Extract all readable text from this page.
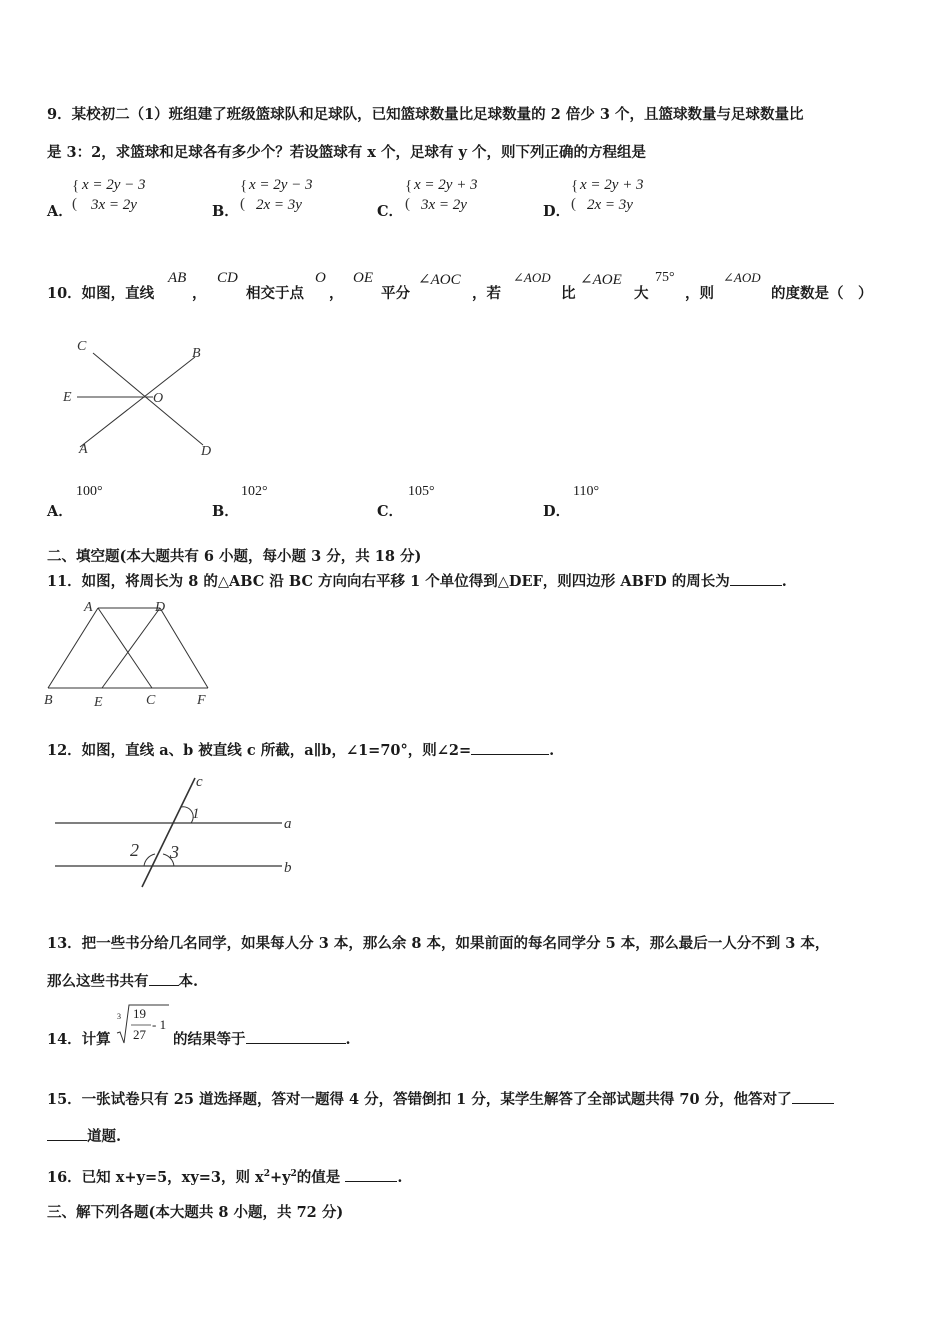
9．某校初二（1）班组建了班级篮球队和足球队，已知篮球数量比足球数量的 2 倍少 3 个，且篮球数量与足球数量比
是 3：2，求篮球和足球各有多少个？若设篮球有 x 个，足球有 y 个，则下列正确的方程组是
A．
{
(
x = 2y − 3
3x = 2y	B．
{
(
x = 2y − 3
2x = 3y	C．
{
(
x = 2y + 3
3x = 2y	D．
{
(
x = 2y + 3
2x = 3y
10．如图，直线
AB
，
CD
相交于点
O
，
OE
平分
∠AOC
，若
∠AOD
比
∠AOE
大
75°
，则
∠AOD
的度数是（　）
C	B
E	O
A	D
A．
100°
B．
102°
C．
105°
D．
110°
二、填空题(本大题共有 6 小题，每小题 3 分，共 18 分)
11．如图，将周长为 8 的△ABC 沿 BC 方向向右平移 1 个单位得到△DEF，则四边形 ABFD 的周长为	.
A	D
B	E	C	F
12．如图，直线 a、b 被直线 c 所截，a∥b，∠1=70°，则∠2=	.
c
1
a
2 3
b
13．把一些书分给几名同学，如果每人分 3 本，那么余 8 本，如果前面的每名同学分 5 本，那么最后一人分不到 3 本，
那么这些书共有 本.
14．计算
3 19
27
- 1
的结果等于	.
15．一张试卷只有 25 道选择题，答对一题得 4 分，答错倒扣 1 分，某学生解答了全部试题共得 70 分，他答对了
道题.
16．已知 x+y=5，xy=3，则 $x^2+y^2$的值是	.
三、解下列各题(本大题共 8 小题，共 72 分)
